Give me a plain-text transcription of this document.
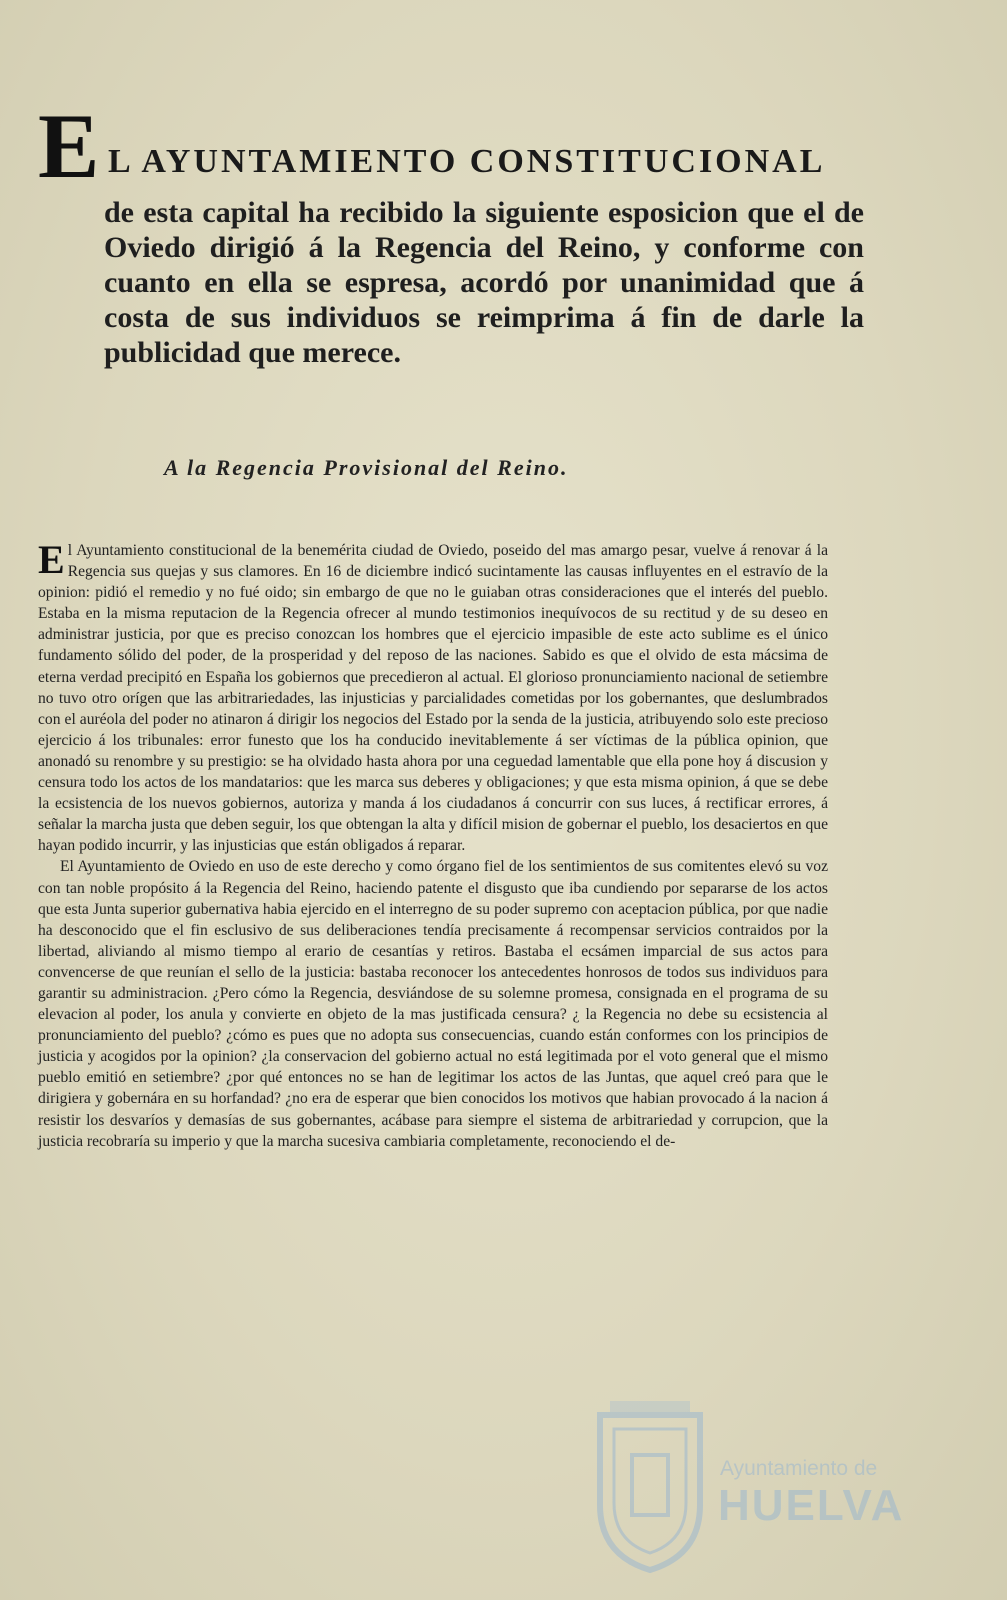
E L AYUNTAMIENTO CONSTITUCIONAL
de esta capital ha recibido la siguiente esposicion que el de Oviedo dirigió á la Regencia del Reino, y conforme con cuanto en ella se espresa, acordó por unanimidad que á costa de sus individuos se reimprima á fin de darle la publicidad que merece.
A la Regencia Provisional del Reino.

El Ayuntamiento constitucional de la benemérita ciudad de Oviedo, poseido del mas amargo pesar, vuelve á renovar á la Regencia sus quejas y sus clamores. En 16 de diciembre indicó sucintamente las causas influyentes en el estravío de la opinion: pidió el remedio y no fué oido; sin embargo de que no le guiaban otras consideraciones que el interés del pueblo. Estaba en la misma reputacion de la Regencia ofrecer al mundo testimonios inequívocos de su rectitud y de su deseo en administrar justicia, por que es preciso conozcan los hombres que el ejercicio impasible de este acto sublime es el único fundamento sólido del poder, de la prosperidad y del reposo de las naciones. Sabido es que el olvido de esta mácsima de eterna verdad precipitó en España los gobiernos que precedieron al actual. El glorioso pronunciamiento nacional de setiembre no tuvo otro orígen que las arbitrariedades, las injusticias y parcialidades cometidas por los gobernantes, que deslumbrados con el auréola del poder no atinaron á dirigir los negocios del Estado por la senda de la justicia, atribuyendo solo este precioso ejercicio á los tribunales: error funesto que los ha conducido inevitablemente á ser víctimas de la pública opinion, que anonadó su renombre y su prestigio: se ha olvidado hasta ahora por una ceguedad lamentable que ella pone hoy á discusion y censura todo los actos de los mandatarios: que les marca sus deberes y obligaciones; y que esta misma opinion, á que se debe la ecsistencia de los nuevos gobiernos, autoriza y manda á los ciudadanos á concurrir con sus luces, á rectificar errores, á señalar la marcha justa que deben seguir, los que obtengan la alta y difícil mision de gobernar el pueblo, los desaciertos en que hayan podido incurrir, y las injusticias que están obligados á reparar.

El Ayuntamiento de Oviedo en uso de este derecho y como órgano fiel de los sentimientos de sus comitentes elevó su voz con tan noble propósito á la Regencia del Reino, haciendo patente el disgusto que iba cundiendo por separarse de los actos que esta Junta superior gubernativa habia ejercido en el interregno de su poder supremo con aceptacion pública, por que nadie ha desconocido que el fin esclusivo de sus deliberaciones tendía precisamente á recompensar servicios contraidos por la libertad, aliviando al mismo tiempo al erario de cesantías y retiros. Bastaba el ecsámen imparcial de sus actos para convencerse de que reunían el sello de la justicia: bastaba reconocer los antecedentes honrosos de todos sus individuos para garantir su administracion. ¿Pero cómo la Regencia, desviándose de su solemne promesa, consignada en el programa de su elevacion al poder, los anula y convierte en objeto de la mas justificada censura? ¿ la Regencia no debe su ecsistencia al pronunciamiento del pueblo? ¿cómo es pues que no adopta sus consecuencias, cuando están conformes con los principios de justicia y acogidos por la opinion? ¿la conservacion del gobierno actual no está legitimada por el voto general que el mismo pueblo emitió en setiembre? ¿por qué entonces no se han de legitimar los actos de las Juntas, que aquel creó para que le dirigiera y gobernára en su horfandad? ¿no era de esperar que bien conocidos los motivos que habian provocado á la nacion á resistir los desvaríos y demasías de sus gobernantes, acábase para siempre el sistema de arbitrariedad y corrupcion, que la justicia recobraría su imperio y que la marcha sucesiva cambiaria completamente, reconociendo el de-

Ayuntamiento de
HUELVA
